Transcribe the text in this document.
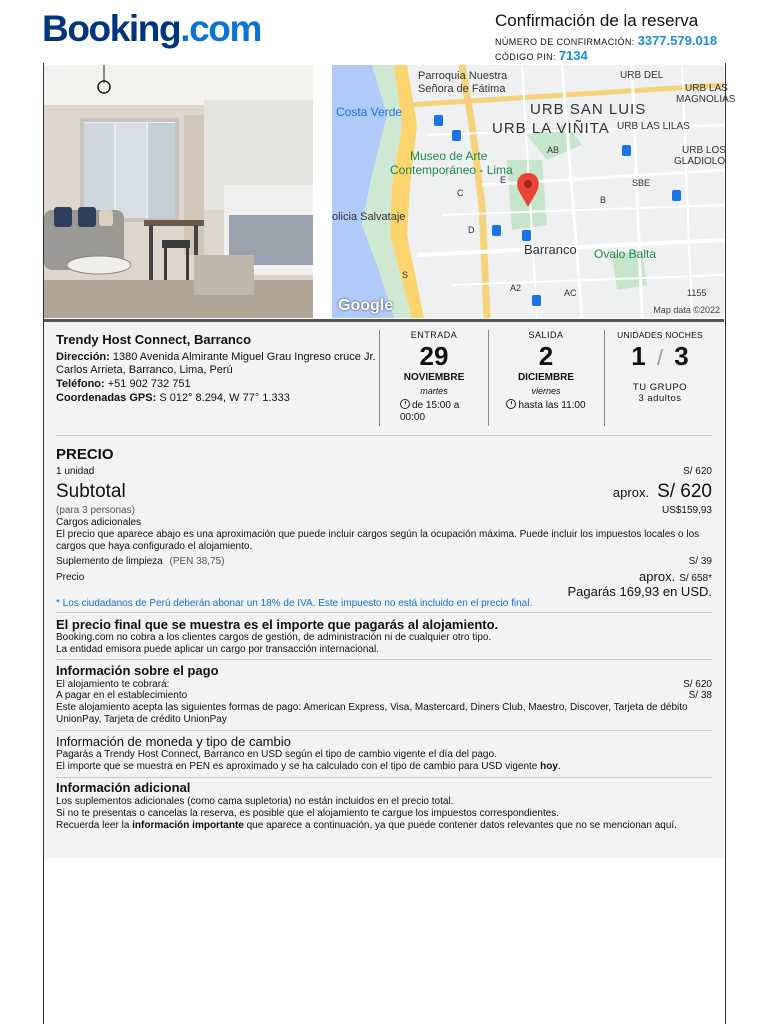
Booking.com	Confirmación de la reserva
NÚMERO DE CONFIRMACIÓN: 3377.579.018
CÓDIGO PIN: 7134
Parroquia Nuestra
Señora de Fátima
Costa Verde	URB SAN LUIS
URB LA VIÑITA URB LAS LILAS
URB DEL
URB LAS
MAGNOLIAS
URB LOS
GLADIOLO
Museo de Arte
Contemporáneo - Lima
olicia Salvataje
Barranco Ovalo Balta
AB
SBE
A2	AC	1155
C
E
B
D
S
Google	Map data ©2022
Trendy Host Connect, Barranco
Dirección: 1380 Avenida Almirante Miguel Grau Ingreso cruce Jr. Carlos Arrieta, Barranco, Lima, Perú
Teléfono: +51 902 732 751
Coordenadas GPS: S 012° 8.294, W 77° 1.333
ENTRADA
29
NOVIEMBRE
martes
de 15:00 a 00:00
SALIDA
2
DICIEMBRE
viernes
hasta las 11:00
UNIDADES NOCHES
1 / 3
TU GRUPO
3 adultos
PRECIO
1 unidad	S/ 620
Subtotal	aprox. S/ 620
(para 3 personas)	US$159,93
Cargos adicionales
El precio que aparece abajo es una aproximación que puede incluir cargos según la ocupación máxima. Puede incluir los impuestos locales o los cargos que haya configurado el alojamiento.
Suplemento de limpieza (PEN 38,75)	S/ 39
Precio	aprox. S/ 658*
Pagarás 169,93 en USD.
* Los ciudadanos de Perú deberán abonar un 18% de IVA. Este impuesto no está incluido en el precio final.
El precio final que se muestra es el importe que pagarás al alojamiento.
Booking.com no cobra a los clientes cargos de gestión, de administración ni de cualquier otro tipo.
La entidad emisora puede aplicar un cargo por transacción internacional.
Información sobre el pago
El alojamiento te cobrará:	S/ 620
A pagar en el establecimiento	S/ 38
Este alojamiento acepta las siguientes formas de pago: American Express, Visa, Mastercard, Diners Club, Maestro, Discover, Tarjeta de débito UnionPay, Tarjeta de crédito UnionPay
Información de moneda y tipo de cambio
Pagarás a Trendy Host Connect, Barranco en USD según el tipo de cambio vigente el día del pago.
El importe que se muestra en PEN es aproximado y se ha calculado con el tipo de cambio para USD vigente hoy.
Información adicional
Los suplementos adicionales (como cama supletoria) no están incluidos en el precio total.
Si no te presentas o cancelas la reserva, es posible que el alojamiento te cargue los impuestos correspondientes.
Recuerda leer la información importante que aparece a continuación, ya que puede contener datos relevantes que no se mencionan aquí.
